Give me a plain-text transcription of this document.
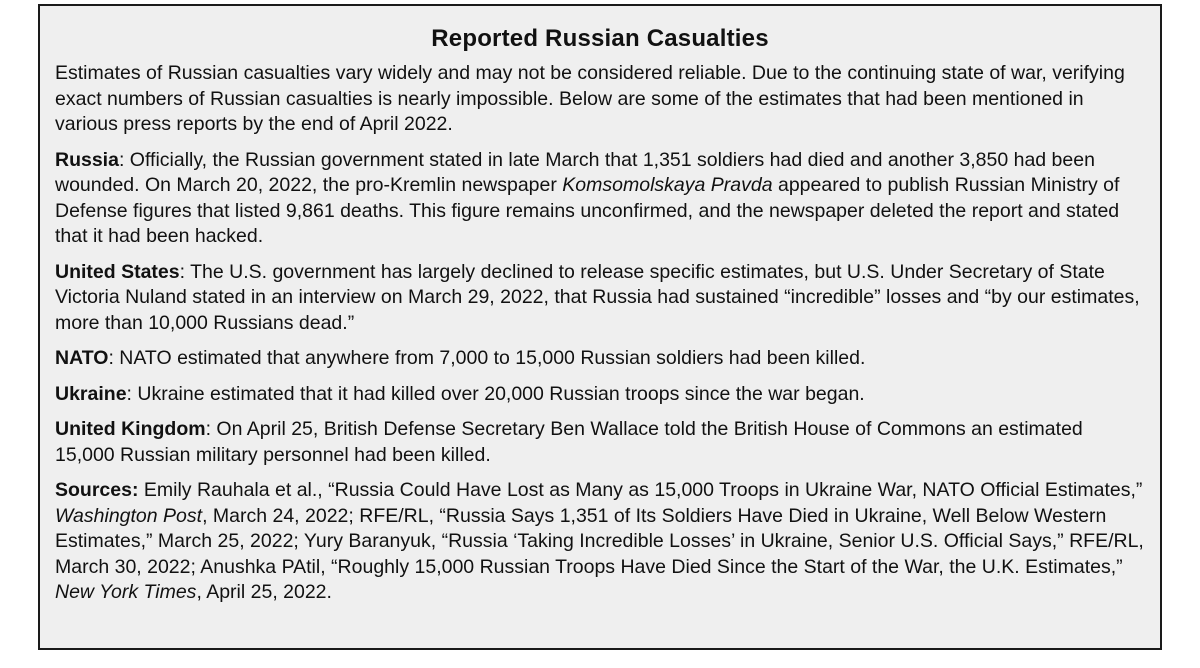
Reported Russian Casualties

Estimates of Russian casualties vary widely and may not be considered reliable. Due to the continuing state of war, verifying exact numbers of Russian casualties is nearly impossible. Below are some of the estimates that had been mentioned in various press reports by the end of April 2022.

Russia: Officially, the Russian government stated in late March that 1,351 soldiers had died and another 3,850 had been wounded. On March 20, 2022, the pro-Kremlin newspaper Komsomolskaya Pravda appeared to publish Russian Ministry of Defense figures that listed 9,861 deaths. This figure remains unconfirmed, and the newspaper deleted the report and stated that it had been hacked.

United States: The U.S. government has largely declined to release specific estimates, but U.S. Under Secretary of State Victoria Nuland stated in an interview on March 29, 2022, that Russia had sustained “incredible” losses and “by our estimates, more than 10,000 Russians dead.”

NATO: NATO estimated that anywhere from 7,000 to 15,000 Russian soldiers had been killed.

Ukraine: Ukraine estimated that it had killed over 20,000 Russian troops since the war began.

United Kingdom: On April 25, British Defense Secretary Ben Wallace told the British House of Commons an estimated 15,000 Russian military personnel had been killed.

Sources: Emily Rauhala et al., “Russia Could Have Lost as Many as 15,000 Troops in Ukraine War, NATO Official Estimates,” Washington Post, March 24, 2022; RFE/RL, “Russia Says 1,351 of Its Soldiers Have Died in Ukraine, Well Below Western Estimates,” March 25, 2022; Yury Baranyuk, “Russia ‘Taking Incredible Losses’ in Ukraine, Senior U.S. Official Says,” RFE/RL, March 30, 2022; Anushka PAtil, “Roughly 15,000 Russian Troops Have Died Since the Start of the War, the U.K. Estimates,” New York Times, April 25, 2022.
